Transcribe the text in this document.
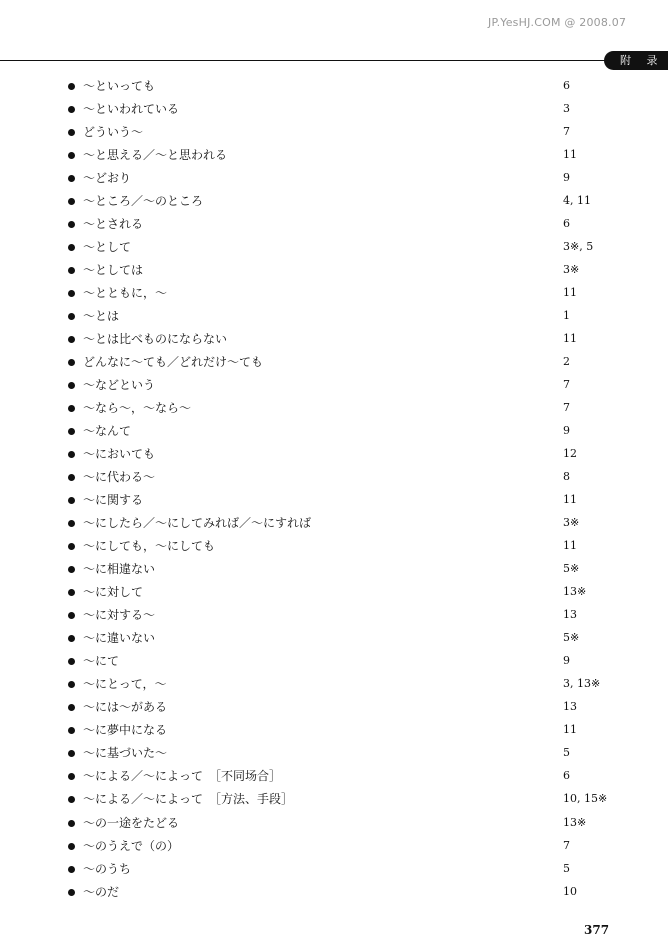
JP.YesHJ.COM @ 2008.07
附 录
～といっても	6
～といわれている	3
どういう～	7
～と思える／～と思われる	11
～どおり	9
～ところ／～のところ	4, 11
～とされる	6
～として	3※, 5
～としては	3※
～とともに，～	11
～とは	1
～とは比べものにならない	11
どんなに～ても／どれだけ～ても	2
～などという	7
～なら～，～なら～	7
～なんて	9
～においても	12
～に代わる～	8
～に関する	11
～にしたら／～にしてみれば／～にすれば	3※
～にしても，～にしても	11
～に相違ない	5※
～に対して	13※
～に対する～	13
～に違いない	5※
～にて	9
～にとって，～	3, 13※
～には～がある	13
～に夢中になる	11
～に基づいた～	5
～による／～によって　［不同场合］	6
～による／～によって　［方法、手段］	10, 15※
～の一途をたどる	13※
～のうえで（の）	7
～のうち	5
～のだ	10
377
